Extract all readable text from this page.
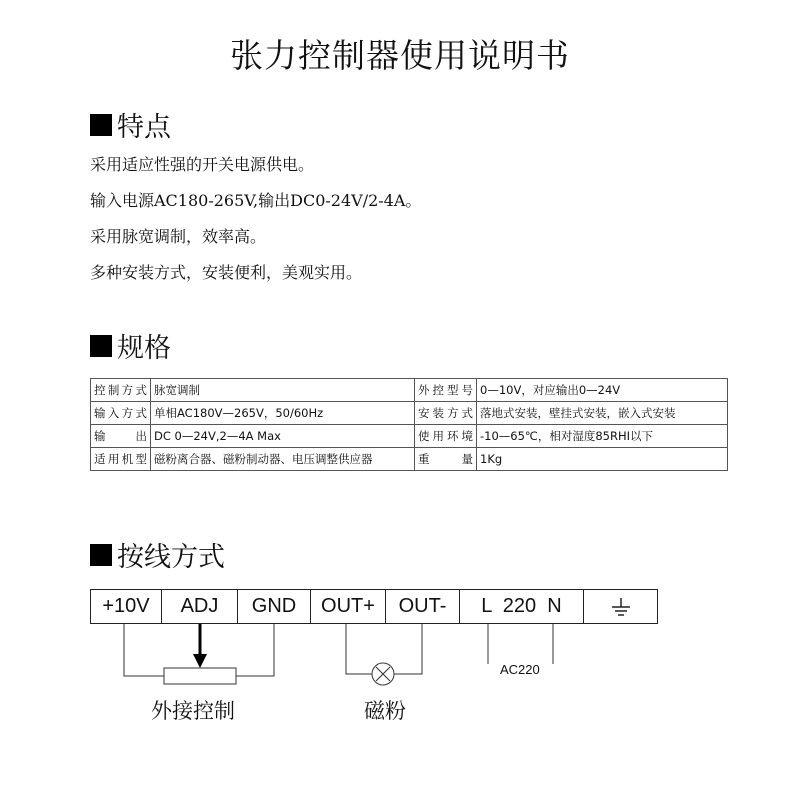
张力控制器使用说明书
特点
采用适应性强的开关电源供电。
输入电源AC180-265V,输出DC0-24V/2-4A。
采用脉宽调制，效率高。
多种安装方式，安装便利，美观实用。
规格
控制方式	脉宽调制	外控型号	0—10V，对应输出0—24V
输入方式	单相AC180V—265V，50/60Hz	安装方式	落地式安装，壁挂式安装，嵌入式安装
输　　出	DC 0—24V,2—4A Max	使用环境	-10—65℃，相对湿度85RHI以下
适用机型	磁粉离合器、磁粉制动器、电压调整供应器	重　　量	1Kg
按线方式
+10V	ADJ	GND	OUT+	OUT-	L  220  N
AC220
外接控制	磁粉
